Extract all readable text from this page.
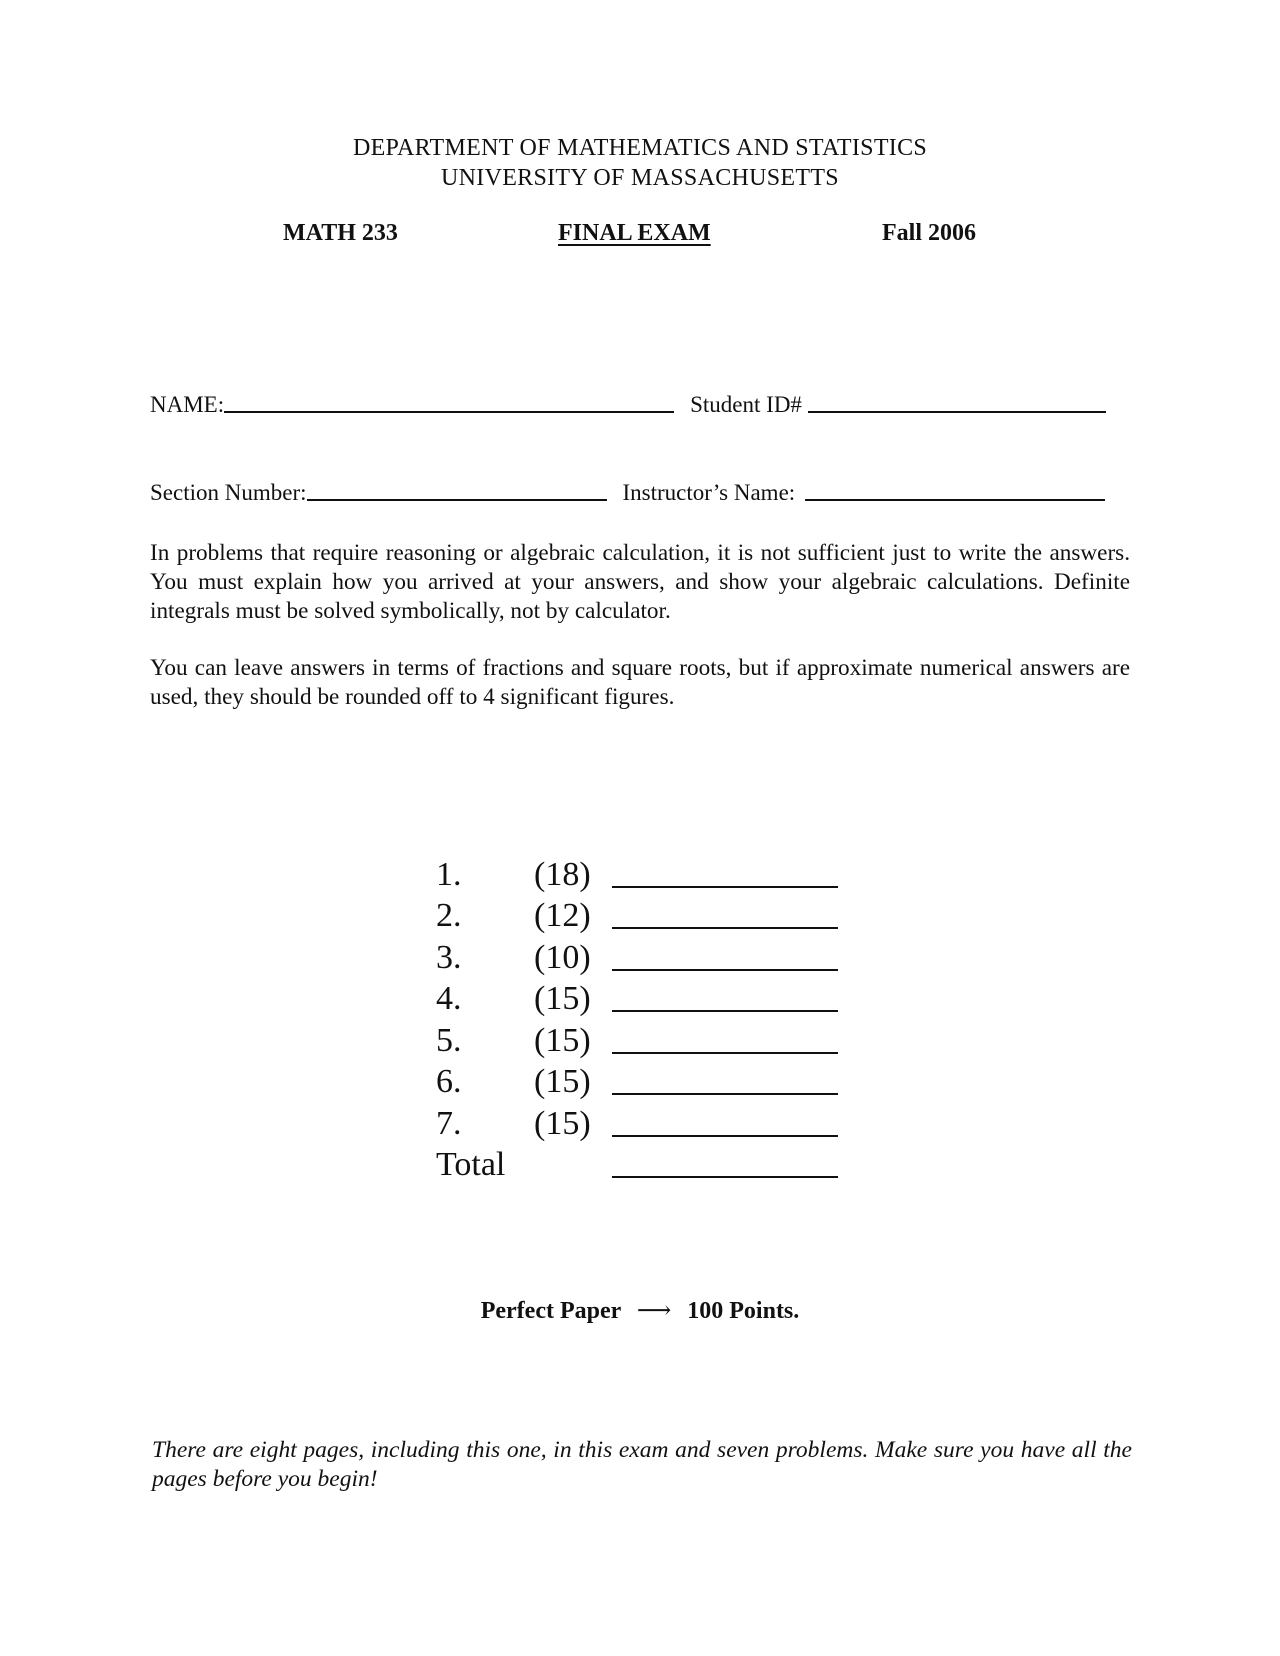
DEPARTMENT OF MATHEMATICS AND STATISTICS
UNIVERSITY OF MASSACHUSETTS
MATH 233	FINAL EXAM	Fall 2006
NAME:	Student ID#
Section Number:	Instructor’s Name:
In problems that require reasoning or algebraic calculation, it is not sufficient just to write the answers. You must explain how you arrived at your answers, and show your algebraic calculations. Definite integrals must be solved symbolically, not by calculator.
You can leave answers in terms of fractions and square roots, but if approximate numerical answers are used, they should be rounded off to 4 significant figures.
1.	(18)
2.	(12)
3.	(10)
4.	(15)
5.	(15)
6.	(15)
7.	(15)
Total
Perfect Paper ⟶ 100 Points.
There are eight pages, including this one, in this exam and seven problems. Make sure you have all the pages before you begin!
